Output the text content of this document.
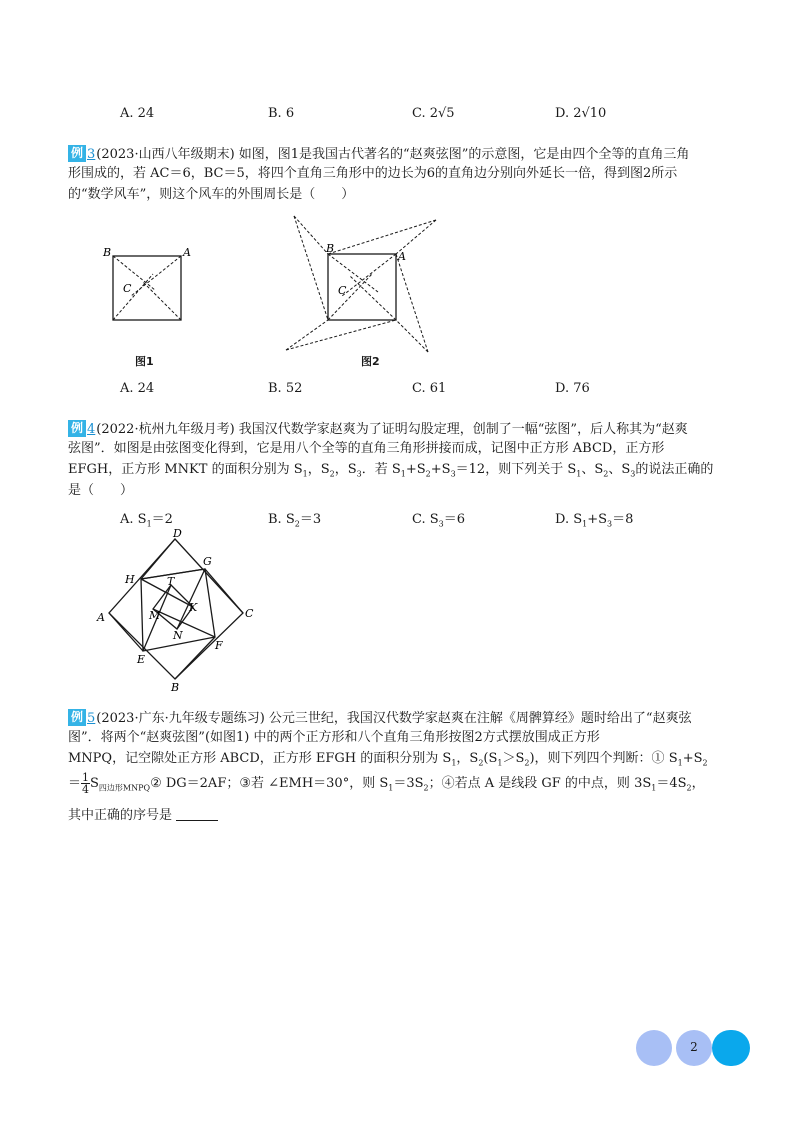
A. 24	B. 6	C. 2√5	D. 2√10
例 3(2023·山西八年级期末) 如图，图1是我国古代著名的“赵爽弦图”的示意图，它是由四个全等的直角三角
形围成的，若 AC＝6，BC＝5，将四个直角三角形中的边长为6的直角边分别向外延长一倍，得到图2所示
的“数学风车”，则这个风车的外围周长是（　　）
B	A
C
图1
B
A
C
图2
A. 24	B. 52	C. 61	D. 76
例 4(2022·杭州九年级月考) 我国汉代数学家赵爽为了证明勾股定理，创制了一幅“弦图”，后人称其为“赵爽
弦图”．如图是由弦图变化得到，它是用八个全等的直角三角形拼接而成，记图中正方形 ABCD，正方形
EFGH，正方形 MNKT 的面积分别为 $S_1$，$S_2$，$S_3$．若 $S_1+S_2+S_3=12$，则下列关于 $S_1$、$S_2$、$S_3$的说法正确的
是（　　）
A. $S_1=2$	B. $S_2=3$	C. $S_3=6$	D. $S_1+S_3=8$
D
H
G
T
A
K
M	C
N
F
E
B
例 5(2023·广东·九年级专题练习) 公元三世纪，我国汉代数学家赵爽在注解《周髀算经》题时给出了“赵爽弦
图”．将两个“赵爽弦图”(如图1) 中的两个正方形和八个直角三角形按图2方式摆放围成正方形
MNPQ，记空隙处正方形 ABCD，正方形 EFGH 的面积分别为 $S_1$，$S_2(S_1>S_2)$，则下列四个判断：① $S_1+S_2$
＝ $\frac{1}{4}$ $S_{四边形MNPQ}②$ DG＝2AF；③若 ∠EMH＝30°，则 $S_1=3S_2$；④若点 A 是线段 GF 的中点，则 $3S_1=4S_2$，
其中正确的序号是
2
